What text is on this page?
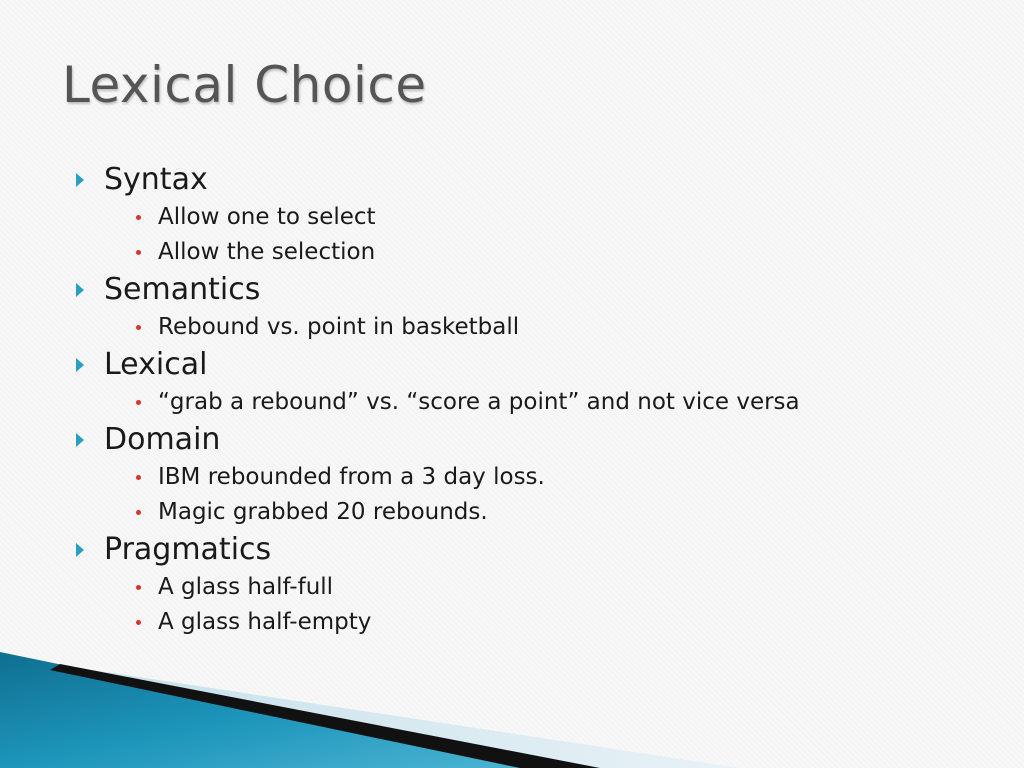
Lexical Choice
Syntax
Allow one to select
Allow the selection
Semantics
Rebound vs. point in basketball
Lexical
“grab a rebound” vs. “score a point” and not vice versa
Domain
IBM rebounded from a 3 day loss.
Magic grabbed 20 rebounds.
Pragmatics
A glass half-full
A glass half-empty
